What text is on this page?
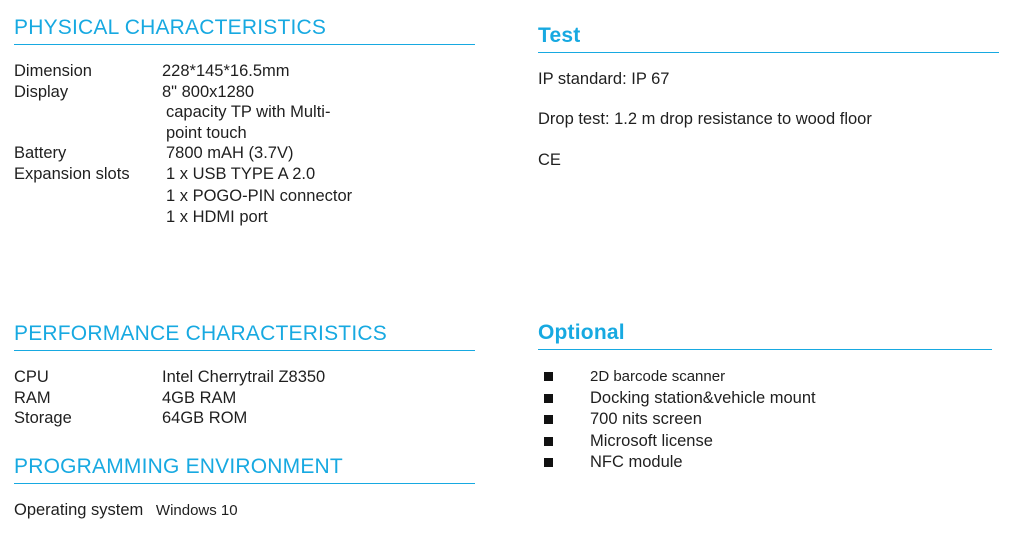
PHYSICAL CHARACTERISTICS
Dimension	228*145*16.5mm
Display	8" 800x1280
capacity TP with Multi-
point touch
Battery	7800 mAH (3.7V)
Expansion slots	1 x USB TYPE A 2.0
1 x POGO-PIN connector
1 x HDMI port
Test

IP standard: IP 67

Drop test: 1.2 m drop resistance to wood floor

CE

PERFORMANCE CHARACTERISTICS
CPU	Intel Cherrytrail Z8350
RAM	4GB RAM
Storage	64GB ROM
PROGRAMMING ENVIRONMENT
Operating system Windows 10
Optional
2D barcode scanner
Docking station&vehicle mount
700 nits screen
Microsoft license
NFC module
